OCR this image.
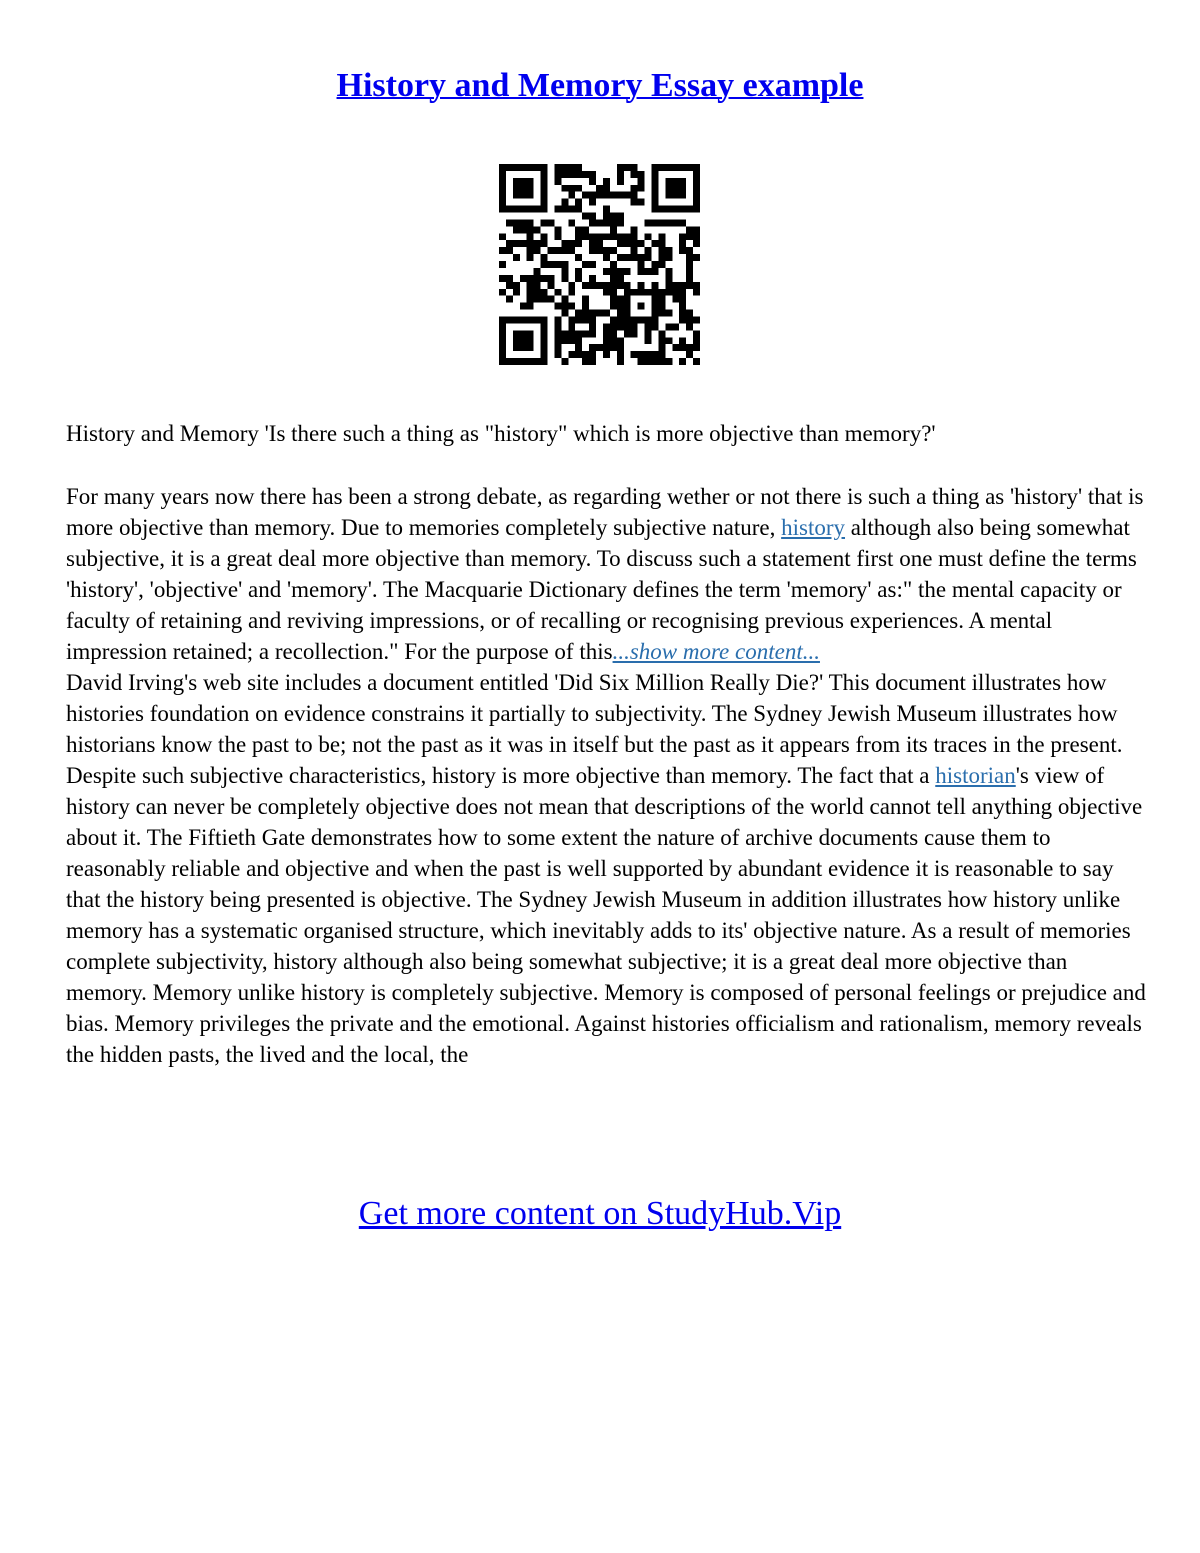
History and Memory Essay example
History and Memory 'Is there such a thing as "history" which is more objective than memory?'

For many years now there has been a strong debate, as regarding wether or not there is such a thing as 'history' that is more objective than memory. Due to memories completely subjective nature, history although also being somewhat subjective, it is a great deal more objective than memory. To discuss such a statement first one must define the terms 'history', 'objective' and 'memory'. The Macquarie Dictionary defines the term 'memory' as:" the mental capacity or faculty of retaining and reviving impressions, or of recalling or recognising previous experiences. A mental impression retained; a recollection." For the purpose of this...show more content...

David Irving's web site includes a document entitled 'Did Six Million Really Die?' This document illustrates how histories foundation on evidence constrains it partially to subjectivity. The Sydney Jewish Museum illustrates how historians know the past to be; not the past as it was in itself but the past as it appears from its traces in the present. Despite such subjective characteristics, history is more objective than memory. The fact that a historian's view of history can never be completely objective does not mean that descriptions of the world cannot tell anything objective about it. The Fiftieth Gate demonstrates how to some extent the nature of archive documents cause them to reasonably reliable and objective and when the past is well supported by abundant evidence it is reasonable to say that the history being presented is objective. The Sydney Jewish Museum in addition illustrates how history unlike memory has a systematic organised structure, which inevitably adds to its' objective nature. As a result of memories complete subjectivity, history although also being somewhat subjective; it is a great deal more objective than memory. Memory unlike history is completely subjective. Memory is composed of personal feelings or prejudice and bias. Memory privileges the private and the emotional. Against histories officialism and rationalism, memory reveals the hidden pasts, the lived and the local, the

Get more content on StudyHub.Vip
